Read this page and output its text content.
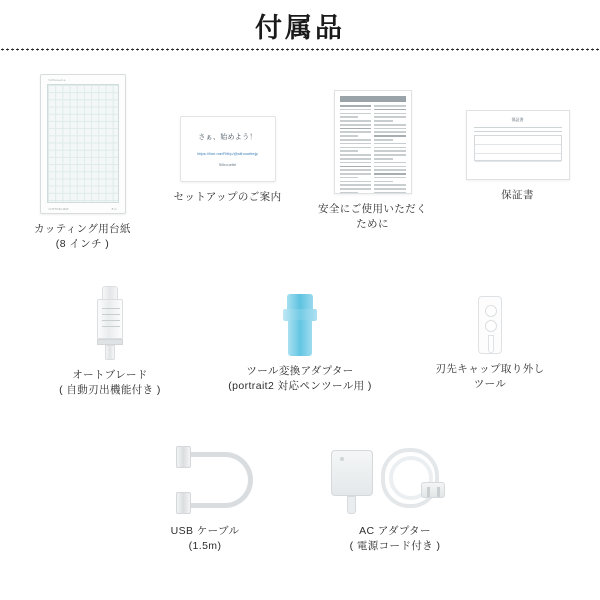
付属品
Silhouette
CUTTING MAT	8 in
カッティング用台紙
(8 インチ )
さぁ、始めよう！
https://line.me/R/ti/p/@silhouettejp
Silhouette
セットアップのご案内
安全にご使用いただく
ために
保証書
保証書
オートブレード
( 自動刃出機能付き )
ツール変換アダプター
(portrait2 対応ペンツール用 )
刃先キャップ取り外し
ツール
USB ケーブル
(1.5m)
AC アダプター
( 電源コード付き )
